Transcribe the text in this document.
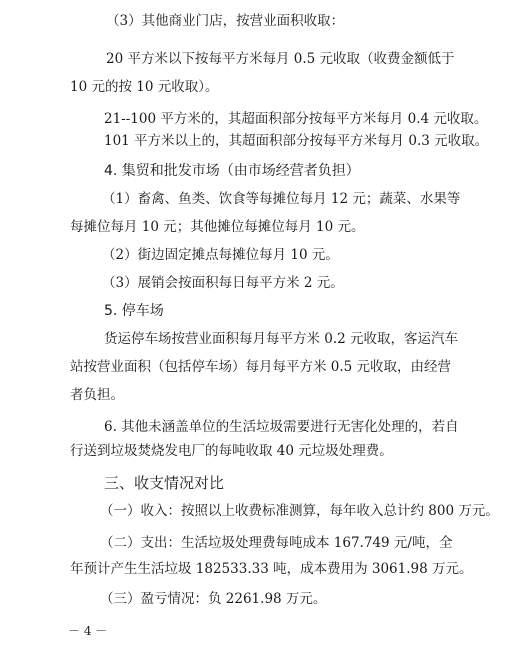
（3）其他商业门店，按营业面积收取：
20 平方米以下按每平方米每月 0.5 元收取（收费金额低于
10 元的按 10 元收取）。
21--100 平方米的，其超面积部分按每平方米每月 0.4 元收取。
101 平方米以上的，其超面积部分按每平方米每月 0.3 元收取。
4. 集贸和批发市场（由市场经营者负担）
（1）畜禽、鱼类、饮食等每摊位每月 12 元；蔬菜、水果等
每摊位每月 10 元；其他摊位每摊位每月 10 元。
（2）街边固定摊点每摊位每月 10 元。
（3）展销会按面积每日每平方米 2 元。
5. 停车场
货运停车场按营业面积每月每平方米 0.2 元收取，客运汽车
站按营业面积（包括停车场）每月每平方米 0.5 元收取，由经营
者负担。
6. 其他未涵盖单位的生活垃圾需要进行无害化处理的，若自
行送到垃圾焚烧发电厂的每吨收取 40 元垃圾处理费。
三、收支情况对比
（一）收入：按照以上收费标准测算，每年收入总计约 800 万元。
（二）支出：生活垃圾处理费每吨成本 167.749 元/吨，全
年预计产生生活垃圾 182533.33 吨，成本费用为 3061.98 万元。
（三）盈亏情况：负 2261.98 万元。
－ 4 －
